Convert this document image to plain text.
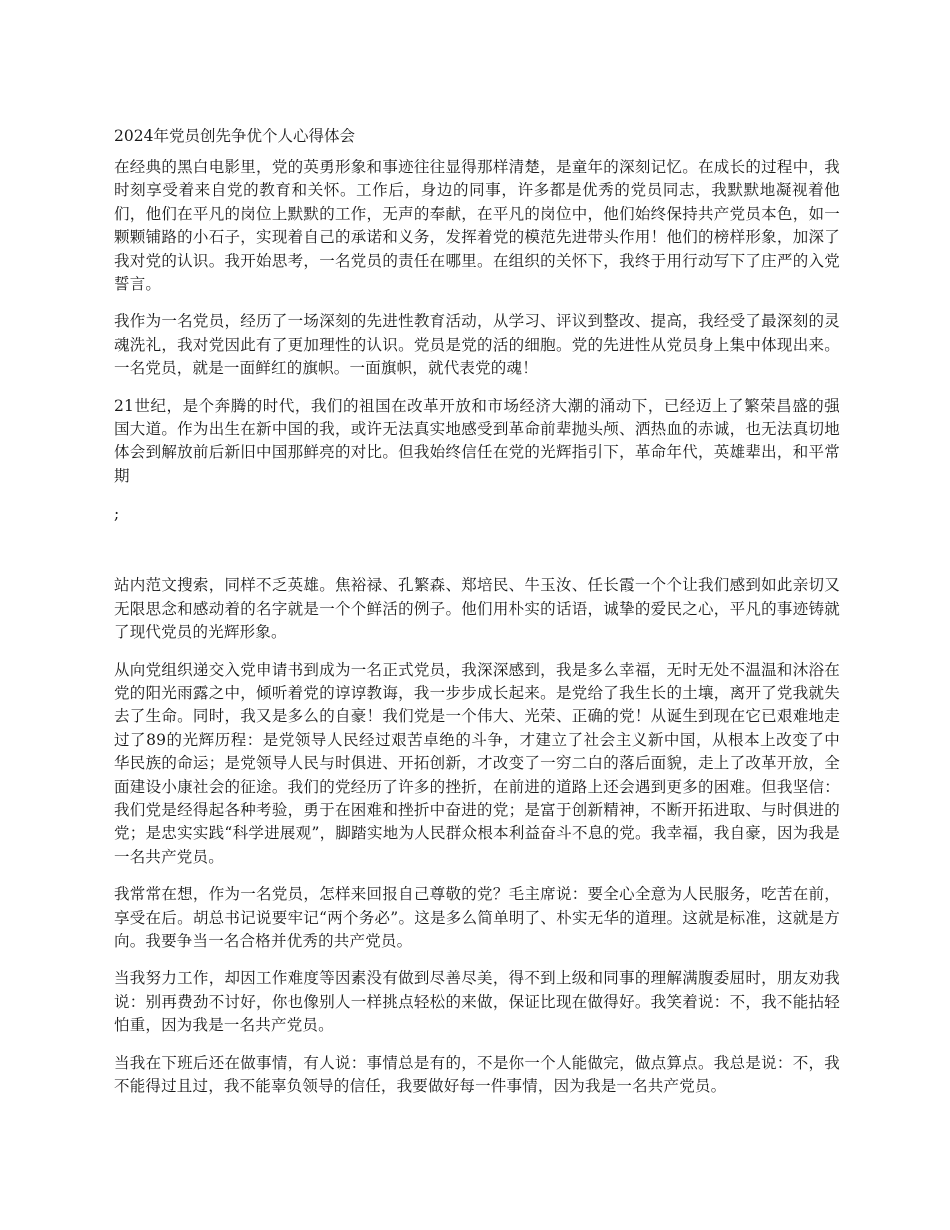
2024年党员创先争优个人心得体会

在经典的黑白电影里，党的英勇形象和事迹往往显得那样清楚，是童年的深刻记忆。在成长的过程中，我时刻享受着来自党的教育和关怀。工作后，身边的同事，许多都是优秀的党员同志，我默默地凝视着他们，他们在平凡的岗位上默默的工作，无声的奉献，在平凡的岗位中，他们始终保持共产党员本色，如一颗颗铺路的小石子，实现着自己的承诺和义务，发挥着党的模范先进带头作用！他们的榜样形象，加深了我对党的认识。我开始思考，一名党员的责任在哪里。在组织的关怀下，我终于用行动写下了庄严的入党誓言。

我作为一名党员，经历了一场深刻的先进性教育活动，从学习、评议到整改、提高，我经受了最深刻的灵魂洗礼，我对党因此有了更加理性的认识。党员是党的活的细胞。党的先进性从党员身上集中体现出来。一名党员，就是一面鲜红的旗帜。一面旗帜，就代表党的魂！

21世纪，是个奔腾的时代，我们的祖国在改革开放和市场经济大潮的涌动下，已经迈上了繁荣昌盛的强国大道。作为出生在新中国的我，或许无法真实地感受到革命前辈抛头颅、洒热血的赤诚，也无法真切地体会到解放前后新旧中国那鲜亮的对比。但我始终信任在党的光辉指引下，革命年代，英雄辈出，和平常期

;

站内范文搜索，同样不乏英雄。焦裕禄、孔繁森、郑培民、牛玉汝、任长霞一个个让我们感到如此亲切又无限思念和感动着的名字就是一个个鲜活的例子。他们用朴实的话语，诚挚的爱民之心，平凡的事迹铸就了现代党员的光辉形象。

从向党组织递交入党申请书到成为一名正式党员，我深深感到，我是多么幸福，无时无处不温温和沐浴在党的阳光雨露之中，倾听着党的谆谆教诲，我一步步成长起来。是党给了我生长的土壤，离开了党我就失去了生命。同时，我又是多么的自豪！我们党是一个伟大、光荣、正确的党！从诞生到现在它已艰难地走过了89的光辉历程：是党领导人民经过艰苦卓绝的斗争，才建立了社会主义新中国，从根本上改变了中华民族的命运；是党领导人民与时俱进、开拓创新，才改变了一穷二白的落后面貌，走上了改革开放，全面建设小康社会的征途。我们的党经历了许多的挫折，在前进的道路上还会遇到更多的困难。但我坚信：我们党是经得起各种考验，勇于在困难和挫折中奋进的党；是富于创新精神，不断开拓进取、与时俱进的党；是忠实实践“科学进展观”，脚踏实地为人民群众根本利益奋斗不息的党。我幸福，我自豪，因为我是一名共产党员。

我常常在想，作为一名党员，怎样来回报自己尊敬的党？毛主席说：要全心全意为人民服务，吃苦在前，享受在后。胡总书记说要牢记“两个务必”。这是多么简单明了、朴实无华的道理。这就是标准，这就是方向。我要争当一名合格并优秀的共产党员。

当我努力工作，却因工作难度等因素没有做到尽善尽美，得不到上级和同事的理解满腹委屈时，朋友劝我说：别再费劲不讨好，你也像别人一样挑点轻松的来做，保证比现在做得好。我笑着说：不，我不能拈轻怕重，因为我是一名共产党员。

当我在下班后还在做事情，有人说：事情总是有的，不是你一个人能做完，做点算点。我总是说：不，我不能得过且过，我不能辜负领导的信任，我要做好每一件事情，因为我是一名共产党员。
